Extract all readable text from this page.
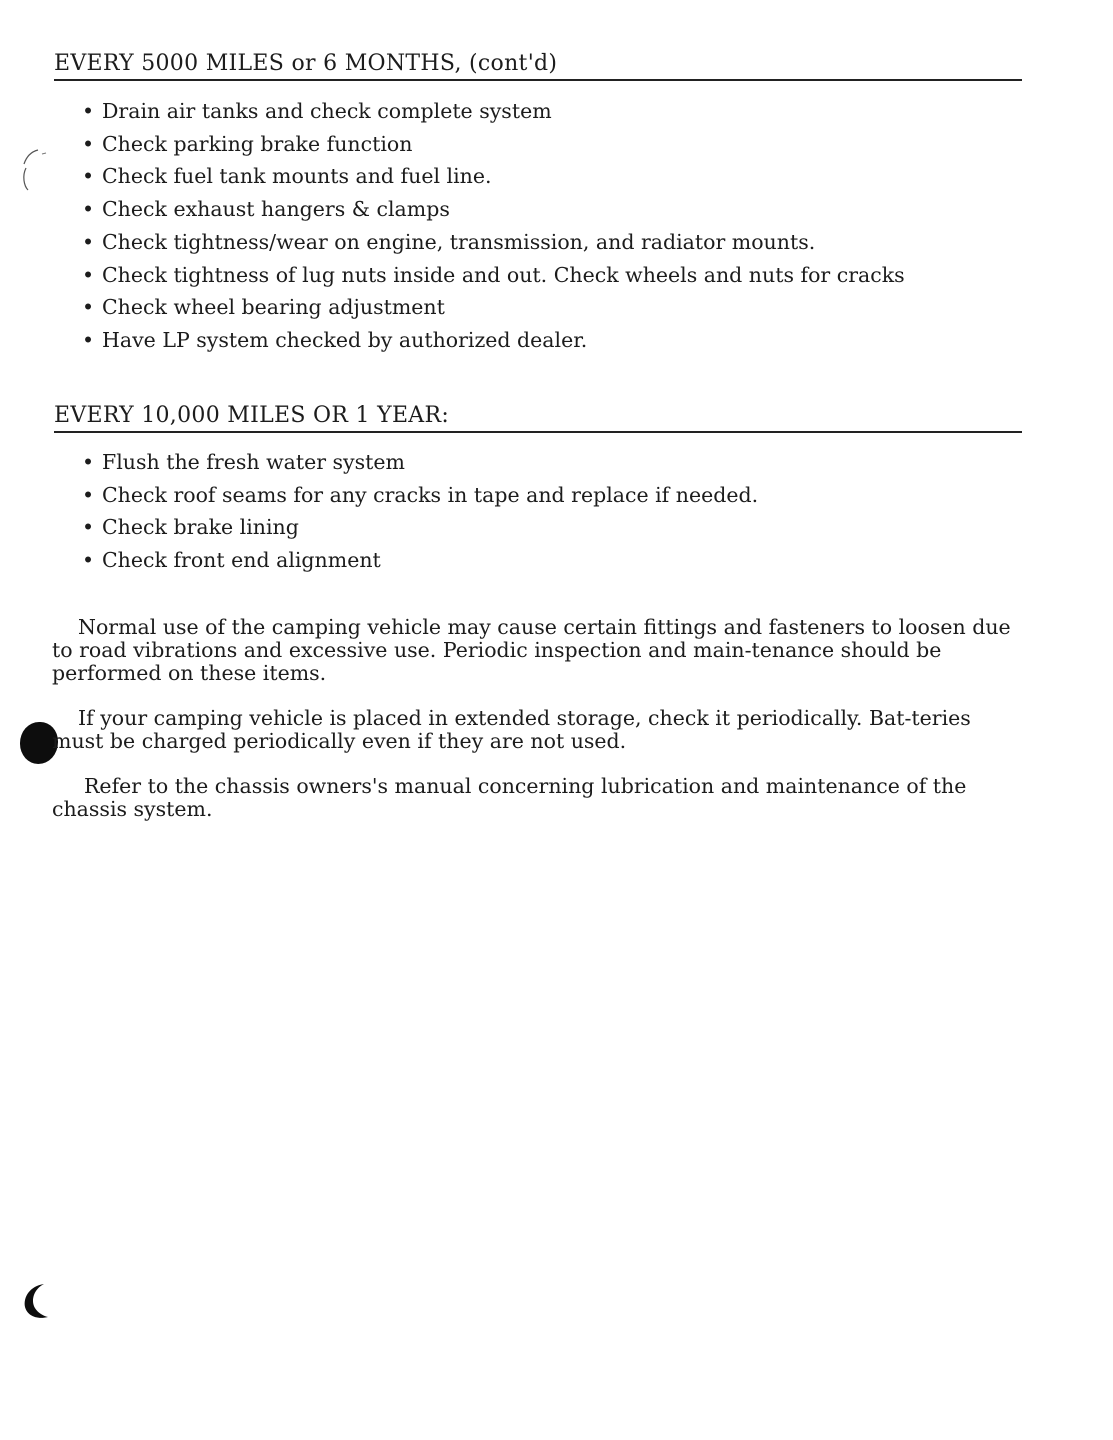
EVERY 5000 MILES or 6 MONTHS, (cont'd)
• Drain air tanks and check complete system
• Check parking brake function
• Check fuel tank mounts and fuel line.
• Check exhaust hangers & clamps
• Check tightness/wear on engine, transmission, and radiator mounts.
• Check tightness of lug nuts inside and out. Check wheels and nuts for cracks
• Check wheel bearing adjustment
• Have LP system checked by authorized dealer.
EVERY 10,000 MILES OR 1 YEAR:
• Flush the fresh water system
• Check roof seams for any cracks in tape and replace if needed.
• Check brake lining
• Check front end alignment

Normal use of the camping vehicle may cause certain fittings and fasteners to loosen due to road vibrations and excessive use. Periodic inspection and main-tenance should be performed on these items.

If your camping vehicle is placed in extended storage, check it periodically. Bat-teries must be charged periodically even if they are not used.

Refer to the chassis owners's manual concerning lubrication and maintenance of the chassis system.
